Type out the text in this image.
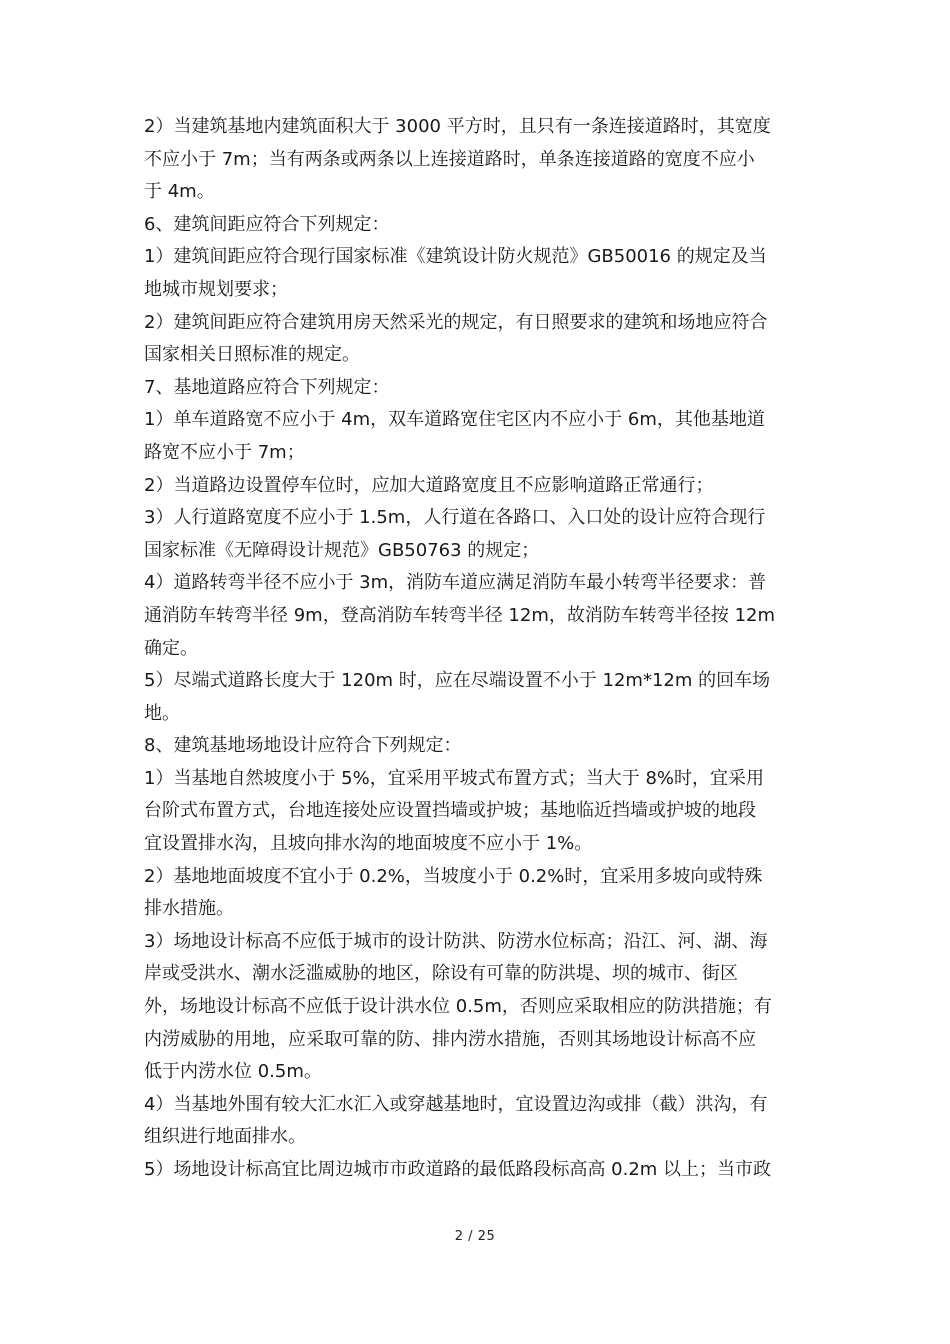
2）当建筑基地内建筑面积大于 3000 平方时，且只有一条连接道路时，其宽度

不应小于 7m；当有两条或两条以上连接道路时，单条连接道路的宽度不应小

于 4m。

6、建筑间距应符合下列规定：

1）建筑间距应符合现行国家标准《建筑设计防火规范》GB50016 的规定及当

地城市规划要求；

2）建筑间距应符合建筑用房天然采光的规定，有日照要求的建筑和场地应符合

国家相关日照标准的规定。

7、基地道路应符合下列规定：

1）单车道路宽不应小于 4m，双车道路宽住宅区内不应小于 6m，其他基地道

路宽不应小于 7m；

2）当道路边设置停车位时，应加大道路宽度且不应影响道路正常通行；

3）人行道路宽度不应小于 1.5m，人行道在各路口、入口处的设计应符合现行

国家标准《无障碍设计规范》GB50763 的规定；

4）道路转弯半径不应小于 3m，消防车道应满足消防车最小转弯半径要求：普

通消防车转弯半径 9m，登高消防车转弯半径 12m，故消防车转弯半径按 12m

确定。

5）尽端式道路长度大于 120m 时，应在尽端设置不小于 12m*12m 的回车场

地。

8、建筑基地场地设计应符合下列规定：

1）当基地自然坡度小于 5%，宜采用平坡式布置方式；当大于 8%时，宜采用

台阶式布置方式，台地连接处应设置挡墙或护坡；基地临近挡墙或护坡的地段

宜设置排水沟，且坡向排水沟的地面坡度不应小于 1%。

2）基地地面坡度不宜小于 0.2%，当坡度小于 0.2%时，宜采用多坡向或特殊

排水措施。

3）场地设计标高不应低于城市的设计防洪、防涝水位标高；沿江、河、湖、海

岸或受洪水、潮水泛滥威胁的地区，除设有可靠的防洪堤、坝的城市、街区

外，场地设计标高不应低于设计洪水位 0.5m，否则应采取相应的防洪措施；有

内涝威胁的用地，应采取可靠的防、排内涝水措施，否则其场地设计标高不应

低于内涝水位 0.5m。

4）当基地外围有较大汇水汇入或穿越基地时，宜设置边沟或排（截）洪沟，有

组织进行地面排水。

5）场地设计标高宜比周边城市市政道路的最低路段标高高 0.2m 以上；当市政

2 / 25
